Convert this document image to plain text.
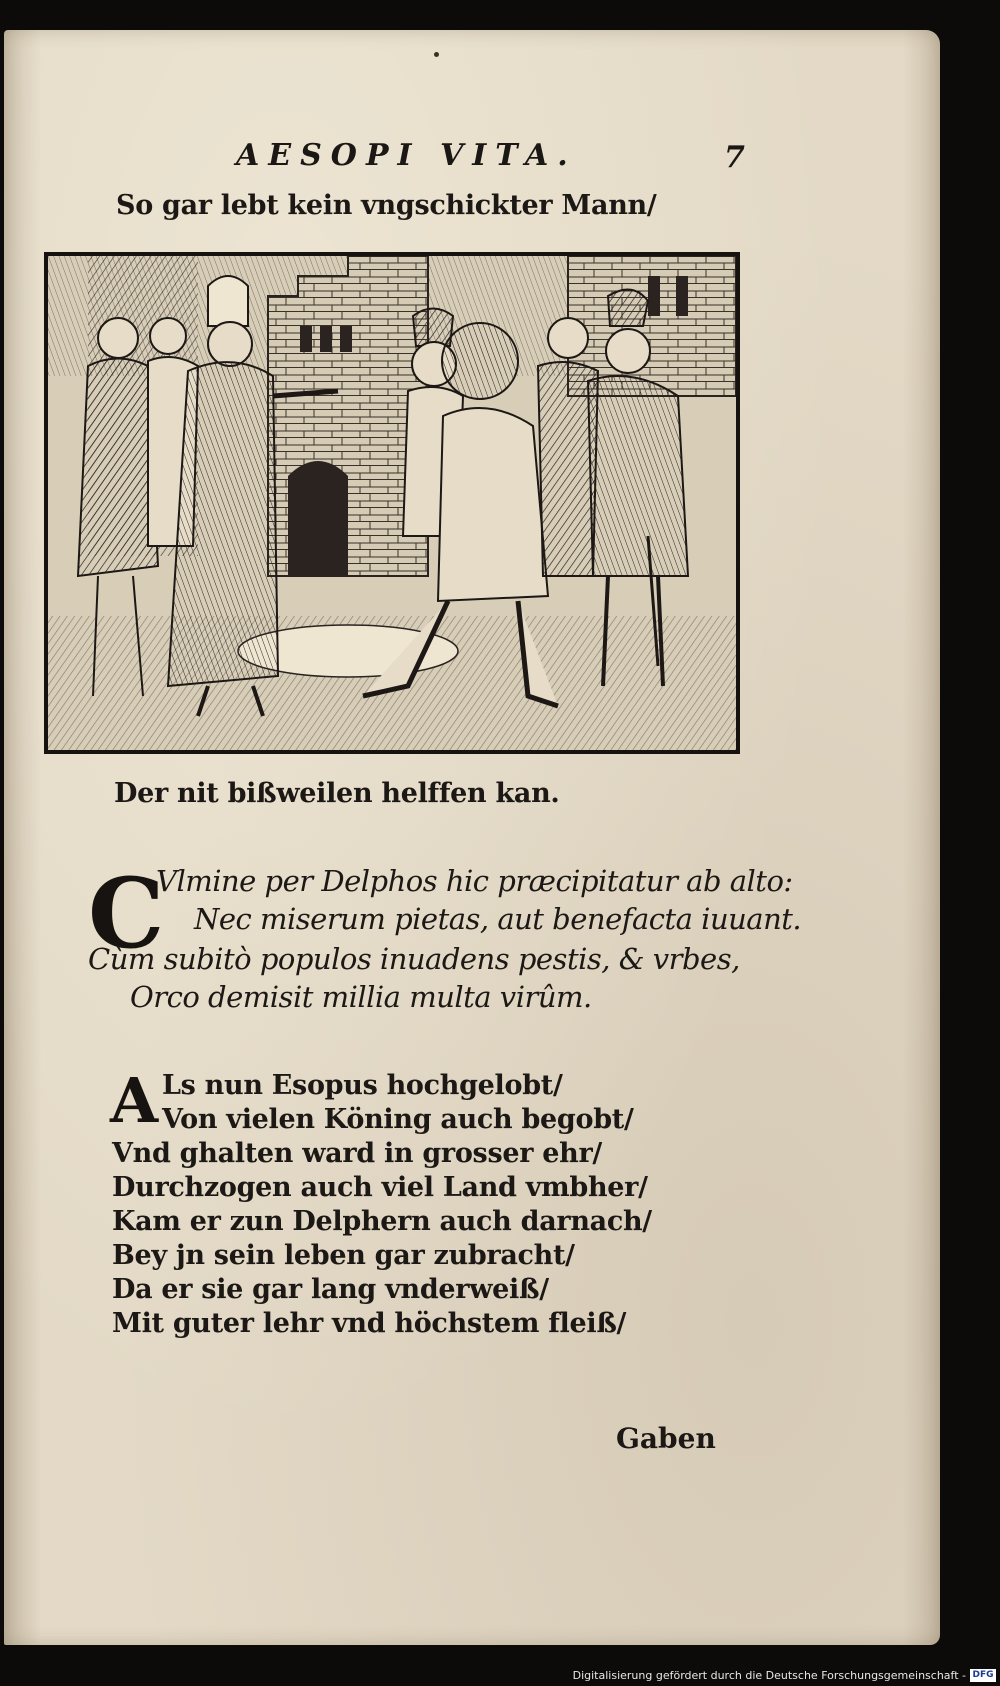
AESOPI VITA.	7
So gar lebt kein vngschickter Mann/
Der nit bißweilen helffen kan.
C
Vlmine per Delphos hic præcipitatur ab alto:
Nec miserum pietas, aut benefacta iuuant.
Cùm subitò populos inuadens pestis, & vrbes,
Orco demisit millia multa virûm.
A Ls nun Esopus hochgelobt/
Von vielen Köning auch begobt/
Vnd ghalten ward in grosser ehr/
Durchzogen auch viel Land vmbher/
Kam er zun Delphern auch darnach/
Bey jn sein leben gar zubracht/
Da er sie gar lang vnderweiß/
Mit guter lehr vnd höchstem fleiß/
Gaben
Digitalisierung gefördert durch die Deutsche Forschungsgemeinschaft - DFG
